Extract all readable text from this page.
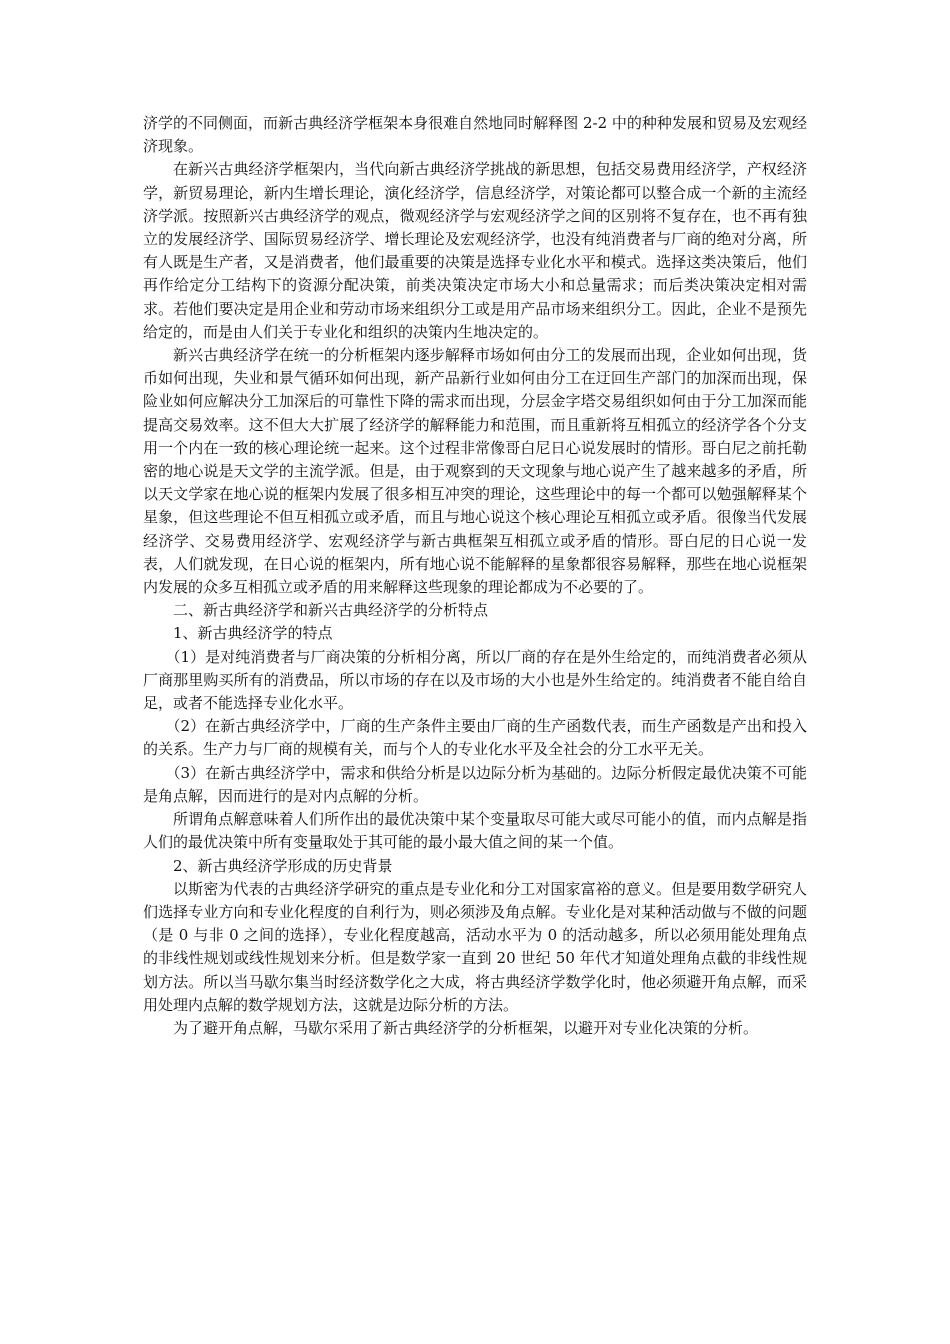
济学的不同侧面，而新古典经济学框架本身很难自然地同时解释图 2-2 中的种种发展和贸易及宏观经济现象。

在新兴古典经济学框架内，当代向新古典经济学挑战的新思想，包括交易费用经济学，产权经济学，新贸易理论，新内生增长理论，演化经济学，信息经济学，对策论都可以整合成一个新的主流经济学派。按照新兴古典经济学的观点，微观经济学与宏观经济学之间的区别将不复存在，也不再有独立的发展经济学、国际贸易经济学、增长理论及宏观经济学，也没有纯消费者与厂商的绝对分离，所有人既是生产者，又是消费者，他们最重要的决策是选择专业化水平和模式。选择这类决策后，他们再作给定分工结构下的资源分配决策，前类决策决定市场大小和总量需求；而后类决策决定相对需求。若他们要决定是用企业和劳动市场来组织分工或是用产品市场来组织分工。因此，企业不是预先给定的，而是由人们关于专业化和组织的决策内生地决定的。

新兴古典经济学在统一的分析框架内逐步解释市场如何由分工的发展而出现，企业如何出现，货币如何出现，失业和景气循环如何出现，新产品新行业如何由分工在迂回生产部门的加深而出现，保险业如何应解决分工加深后的可靠性下降的需求而出现，分层金字塔交易组织如何由于分工加深而能提高交易效率。这不但大大扩展了经济学的解释能力和范围，而且重新将互相孤立的经济学各个分支用一个内在一致的核心理论统一起来。这个过程非常像哥白尼日心说发展时的情形。哥白尼之前托勒密的地心说是天文学的主流学派。但是，由于观察到的天文现象与地心说产生了越来越多的矛盾，所以天文学家在地心说的框架内发展了很多相互冲突的理论，这些理论中的每一个都可以勉强解释某个星象，但这些理论不但互相孤立或矛盾，而且与地心说这个核心理论互相孤立或矛盾。很像当代发展经济学、交易费用经济学、宏观经济学与新古典框架互相孤立或矛盾的情形。哥白尼的日心说一发表，人们就发现，在日心说的框架内，所有地心说不能解释的星象都很容易解释，那些在地心说框架内发展的众多互相孤立或矛盾的用来解释这些现象的理论都成为不必要的了。

二、新古典经济学和新兴古典经济学的分析特点

1、新古典经济学的特点

（1）是对纯消费者与厂商决策的分析相分离，所以厂商的存在是外生给定的，而纯消费者必须从厂商那里购买所有的消费品，所以市场的存在以及市场的大小也是外生给定的。纯消费者不能自给自足，或者不能选择专业化水平。

（2）在新古典经济学中，厂商的生产条件主要由厂商的生产函数代表，而生产函数是产出和投入的关系。生产力与厂商的规模有关，而与个人的专业化水平及全社会的分工水平无关。

（3）在新古典经济学中，需求和供给分析是以边际分析为基础的。边际分析假定最优决策不可能是角点解，因而进行的是对内点解的分析。

所谓角点解意味着人们所作出的最优决策中某个变量取尽可能大或尽可能小的值，而内点解是指人们的最优决策中所有变量取处于其可能的最小最大值之间的某一个值。

2、新古典经济学形成的历史背景

以斯密为代表的古典经济学研究的重点是专业化和分工对国家富裕的意义。但是要用数学研究人们选择专业方向和专业化程度的自利行为，则必须涉及角点解。专业化是对某种活动做与不做的问题（是 0 与非 0 之间的选择），专业化程度越高，活动水平为 0 的活动越多，所以必须用能处理角点的非线性规划或线性规划来分析。但是数学家一直到 20 世纪 50 年代才知道处理角点截的非线性规划方法。所以当马歇尔集当时经济数学化之大成，将古典经济学数学化时，他必须避开角点解，而采用处理内点解的数学规划方法，这就是边际分析的方法。

为了避开角点解，马歇尔采用了新古典经济学的分析框架，以避开对专业化决策的分析。
